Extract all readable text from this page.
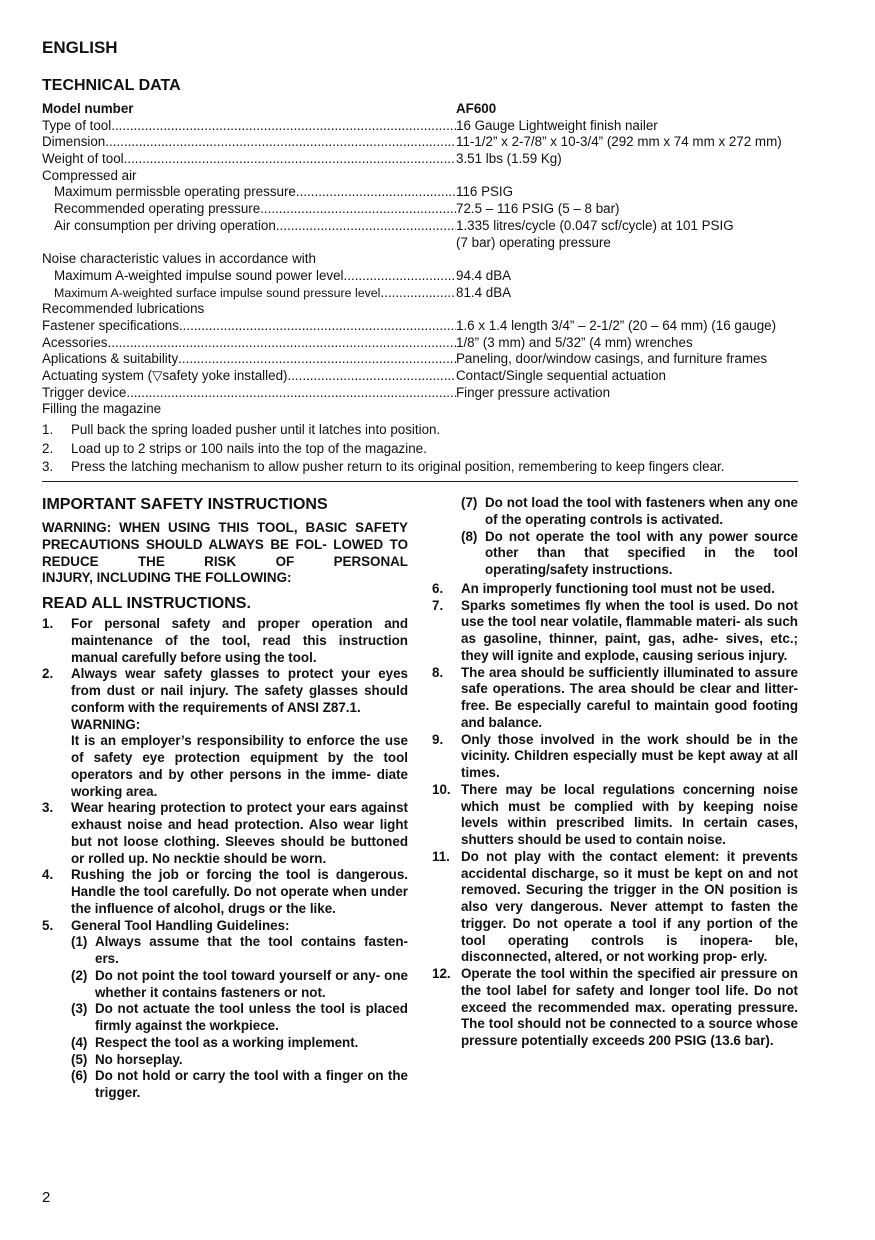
ENGLISH
TECHNICAL DATA
Model number	AF600
Type of tool .....	16 Gauge Lightweight finish nailer
Dimension .....	11-1/2” x 2-7/8” x 10-3/4” (292 mm x 74 mm x 272 mm)
Weight of tool .....	3.51 lbs (1.59 Kg)
Compressed air
Maximum permissble operating pressure .....	116 PSIG
Recommended operating pressure .....	72.5 – 116 PSIG (5 – 8 bar)
Air consumption per driving operation .....	1.335 litres/cycle (0.047 scf/cycle) at 101 PSIG
(7 bar) operating pressure
Noise characteristic values in accordance with
Maximum A-weighted impulse sound power level .....	94.4 dBA
Maximum A-weighted surface impulse sound pressure level .....	81.4 dBA
Recommended lubrications
Fastener specifications .....	1.6 x 1.4 length 3/4” – 2-1/2” (20 – 64 mm) (16 gauge)
Acessories .....	1/8” (3 mm) and 5/32” (4 mm) wrenches
Aplications & suitability .....	Paneling, door/window casings, and furniture frames
Actuating system (▽safety yoke installed) .....	Contact/Single sequential actuation
Trigger device .....	Finger pressure activation
Filling the magazine
1.	Pull back the spring loaded pusher until it latches into position.
2.	Load up to 2 strips or 100 nails into the top of the magazine.
3.	Press the latching mechanism to allow pusher return to its original position, remembering to keep fingers clear.
IMPORTANT SAFETY INSTRUCTIONS
WARNING: WHEN USING THIS TOOL, BASIC SAFETY PRECAUTIONS SHOULD ALWAYS BE FOL- LOWED TO REDUCE THE RISK OF PERSONAL
INJURY, INCLUDING THE FOLLOWING:
READ ALL INSTRUCTIONS.
1.	For personal safety and proper operation and maintenance of the tool, read this instruction manual carefully before using the tool.
2.	Always wear safety glasses to protect your eyes from dust or nail injury. The safety glasses should conform with the requirements of ANSI Z87.1.
WARNING:
It is an employer’s responsibility to enforce the use of safety eye protection equipment by the tool operators and by other persons in the imme- diate working area.
3.	Wear hearing protection to protect your ears against exhaust noise and head protection. Also wear light but not loose clothing. Sleeves should be buttoned or rolled up. No necktie should be worn.
4.	Rushing the job or forcing the tool is dangerous. Handle the tool carefully. Do not operate when under the influence of alcohol, drugs or the like.
5.	General Tool Handling Guidelines:
(1) Always assume that the tool contains fasten- ers.
(2) Do not point the tool toward yourself or any- one whether it contains fasteners or not.
(3) Do not actuate the tool unless the tool is placed firmly against the workpiece.
(4) Respect the tool as a working implement.
(5) No horseplay.
(6) Do not hold or carry the tool with a finger on the trigger.
(7) Do not load the tool with fasteners when any one of the operating controls is activated.
(8) Do not operate the tool with any power source other than that specified in the tool operating/safety instructions.
6.	An improperly functioning tool must not be used.
7.	Sparks sometimes fly when the tool is used. Do not use the tool near volatile, flammable materi- als such as gasoline, thinner, paint, gas, adhe- sives, etc.; they will ignite and explode, causing serious injury.
8.	The area should be sufficiently illuminated to assure safe operations. The area should be clear and litter-free. Be especially careful to maintain good footing and balance.
9.	Only those involved in the work should be in the vicinity. Children especially must be kept away at all times.
10. There may be local regulations concerning noise which must be complied with by keeping noise levels within prescribed limits. In certain cases, shutters should be used to contain noise.
11. Do not play with the contact element: it prevents accidental discharge, so it must be kept on and not removed. Securing the trigger in the ON position is also very dangerous. Never attempt to fasten the trigger. Do not operate a tool if any portion of the tool operating controls is inopera- ble, disconnected, altered, or not working prop- erly.
12. Operate the tool within the specified air pressure on the tool label for safety and longer tool life. Do not exceed the recommended max. operating pressure. The tool should not be connected to a source whose pressure potentially exceeds 200 PSIG (13.6 bar).
2
